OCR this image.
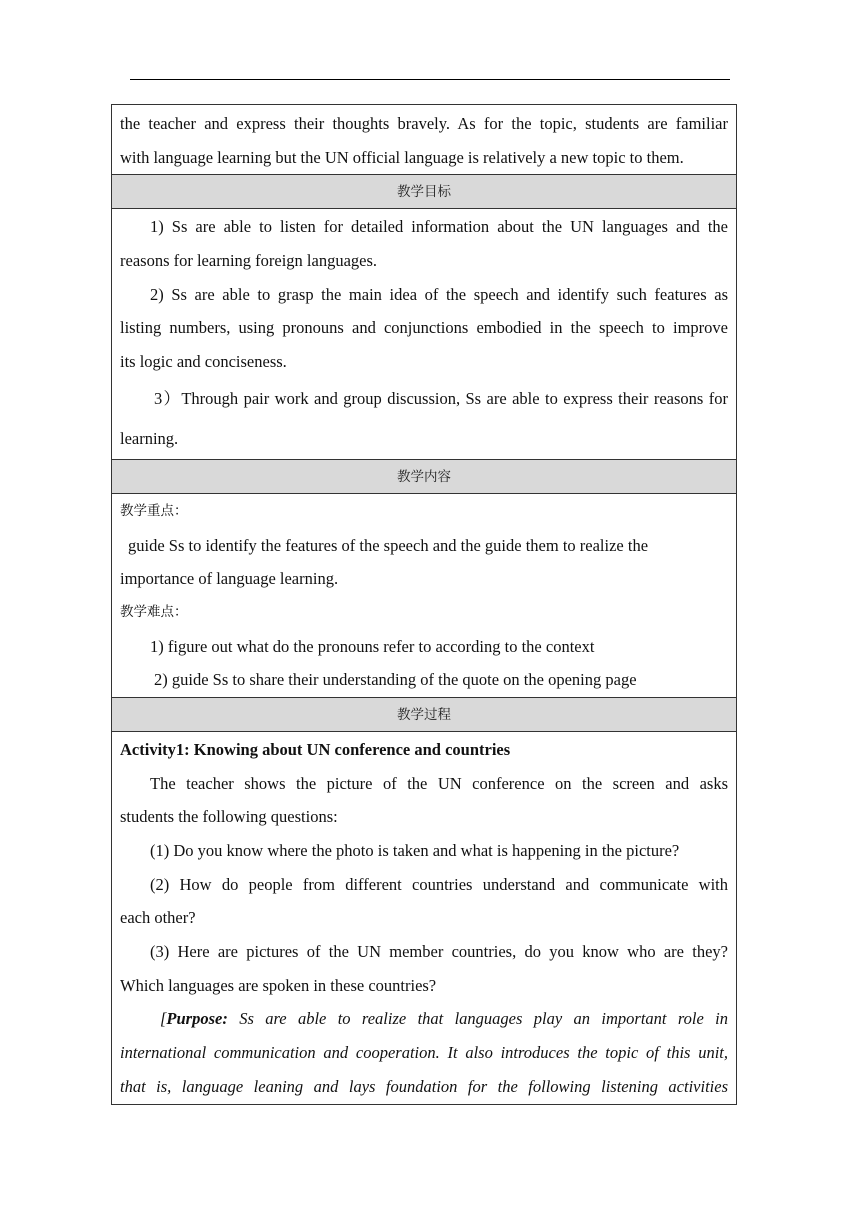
the teacher and express their thoughts bravely. As for the topic, students are familiar
with language learning but the UN official language is relatively a new topic to them.
教学目标
1) Ss are able to listen for detailed information about the UN languages and the
reasons for learning foreign languages.
2) Ss are able to grasp the main idea of the speech and identify such features as
listing numbers, using pronouns and conjunctions embodied in the speech to improve
its logic and conciseness.
3）Through pair work and group discussion, Ss are able to express their reasons for
learning.
教学内容
教学重点：
guide Ss to identify the features of the speech and the guide them to realize the
importance of language learning.
教学难点：
1) figure out what do the pronouns refer to according to the context
2) guide Ss to share their understanding of the quote on the opening page
教学过程
Activity1: Knowing about UN conference and countries
The teacher shows the picture of the UN conference on the screen and asks
students the following questions:
(1) Do you know where the photo is taken and what is happening in the picture?
(2) How do people from different countries understand and communicate with
each other?
(3) Here are pictures of the UN member countries, do you know who are they?
Which languages are spoken in these countries?
[Purpose: Ss are able to realize that languages play an important role in
international communication and cooperation. It also introduces the topic of this unit,
that is, language leaning and lays foundation for the following listening activities
